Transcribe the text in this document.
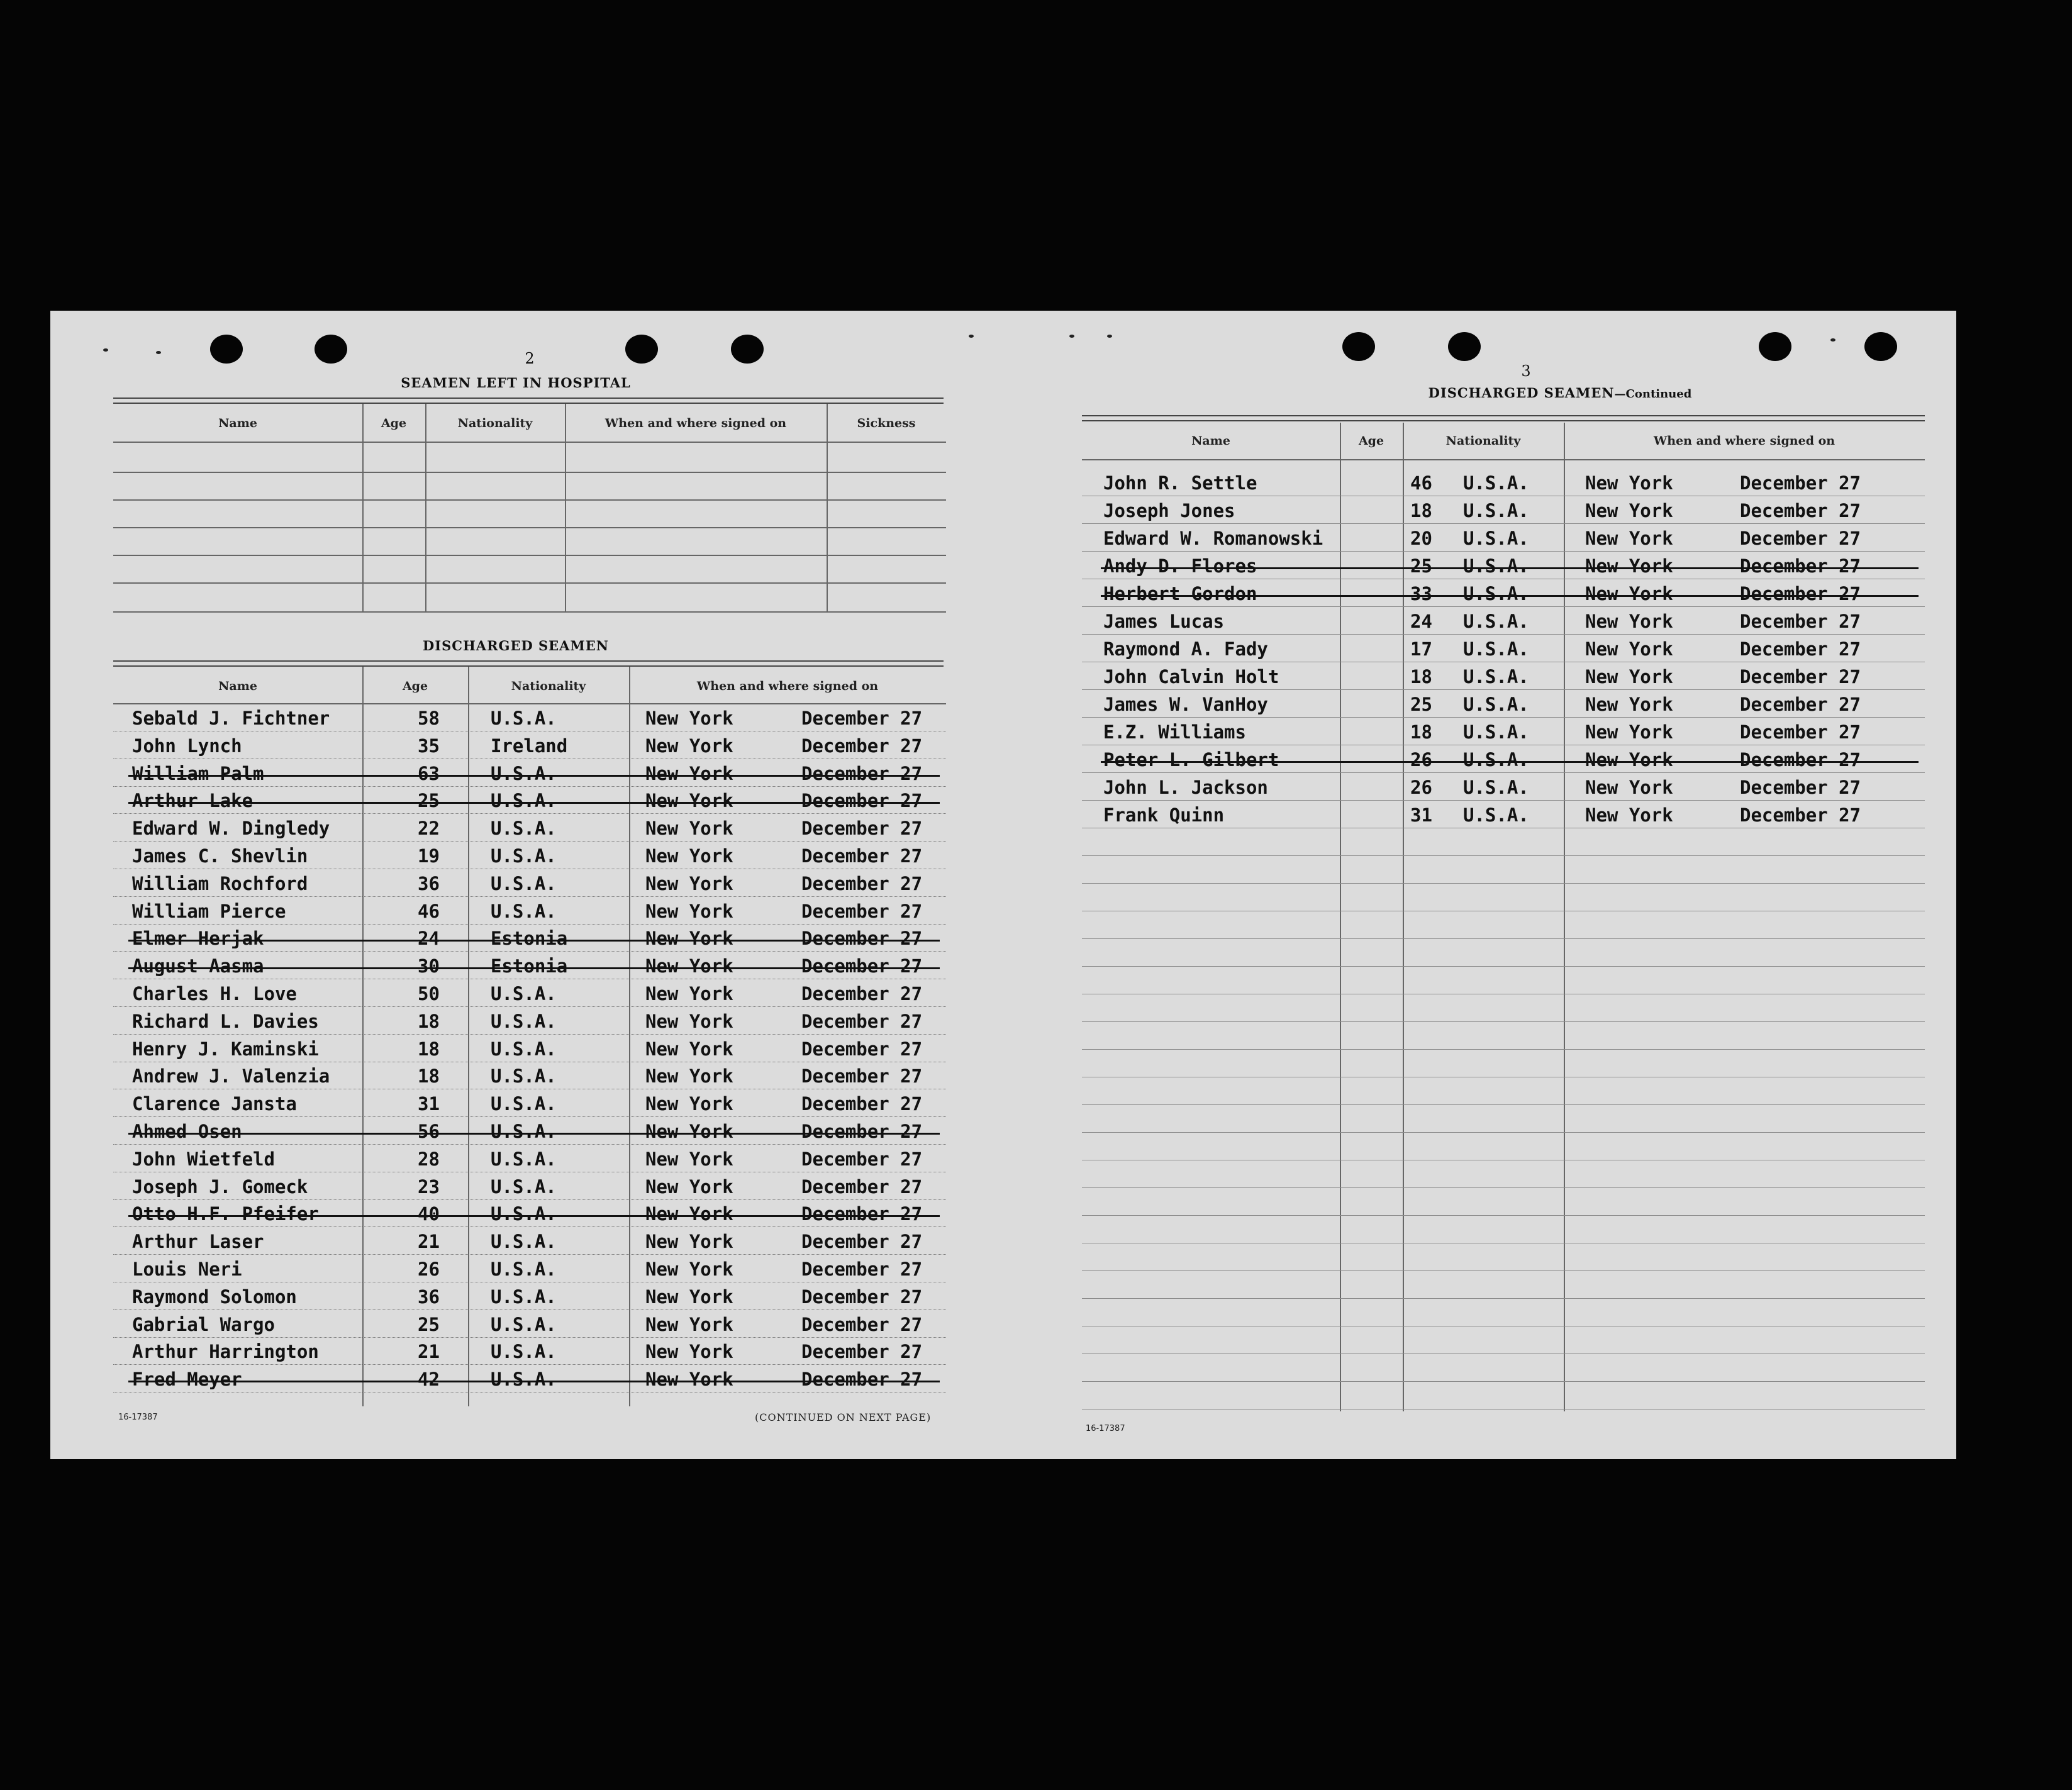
2
SEAMEN LEFT IN HOSPITAL
Name	Age	Nationality	When and where signed on	Sickness
DISCHARGED SEAMEN
Name	Age	Nationality	When and where signed on
Sebald J. Fichtner	58	U.S.A.	New York	December 27
John Lynch	35	Ireland	New York	December 27
William Palm	63	U.S.A.	New York	December 27
Arthur Lake	25	U.S.A.	New York	December 27
Edward W. Dingledy	22	U.S.A.	New York	December 27
James C. Shevlin	19	U.S.A.	New York	December 27
William Rochford	36	U.S.A.	New York	December 27
William Pierce	46	U.S.A.	New York	December 27
Elmer Herjak	24	Estonia	New York	December 27
August Aasma	30	Estonia	New York	December 27
Charles H. Love	50	U.S.A.	New York	December 27
Richard L. Davies	18	U.S.A.	New York	December 27
Henry J. Kaminski	18	U.S.A.	New York	December 27
Andrew J. Valenzia	18	U.S.A.	New York	December 27
Clarence Jansta	31	U.S.A.	New York	December 27
Ahmed Osen	56	U.S.A.	New York	December 27
John Wietfeld	28	U.S.A.	New York	December 27
Joseph J. Gomeck	23	U.S.A.	New York	December 27
Otto H.F. Pfeifer	40	U.S.A.	New York	December 27
Arthur Laser	21	U.S.A.	New York	December 27
Louis Neri	26	U.S.A.	New York	December 27
Raymond Solomon	36	U.S.A.	New York	December 27
Gabrial Wargo	25	U.S.A.	New York	December 27
Arthur Harrington	21	U.S.A.	New York	December 27
Fred Meyer	42	U.S.A.	New York	December 27
16-17387	(CONTINUED ON NEXT PAGE)
3
DISCHARGED SEAMEN—Continued
Name	Age	Nationality	When and where signed on
John R. Settle	46 U.S.A.	New York	December 27
Joseph Jones	18 U.S.A.	New York	December 27
Edward W. Romanowski	20 U.S.A.	New York	December 27
Andy D. Flores	25 U.S.A.	New York	December 27
Herbert Gordon	33 U.S.A.	New York	December 27
James Lucas	24 U.S.A.	New York	December 27
Raymond A. Fady	17 U.S.A.	New York	December 27
John Calvin Holt	18 U.S.A.	New York	December 27
James W. VanHoy	25 U.S.A.	New York	December 27
E.Z. Williams	18 U.S.A.	New York	December 27
Peter L. Gilbert	26 U.S.A.	New York	December 27
John L. Jackson	26 U.S.A.	New York	December 27
Frank Quinn	31 U.S.A.	New York	December 27
16-17387
